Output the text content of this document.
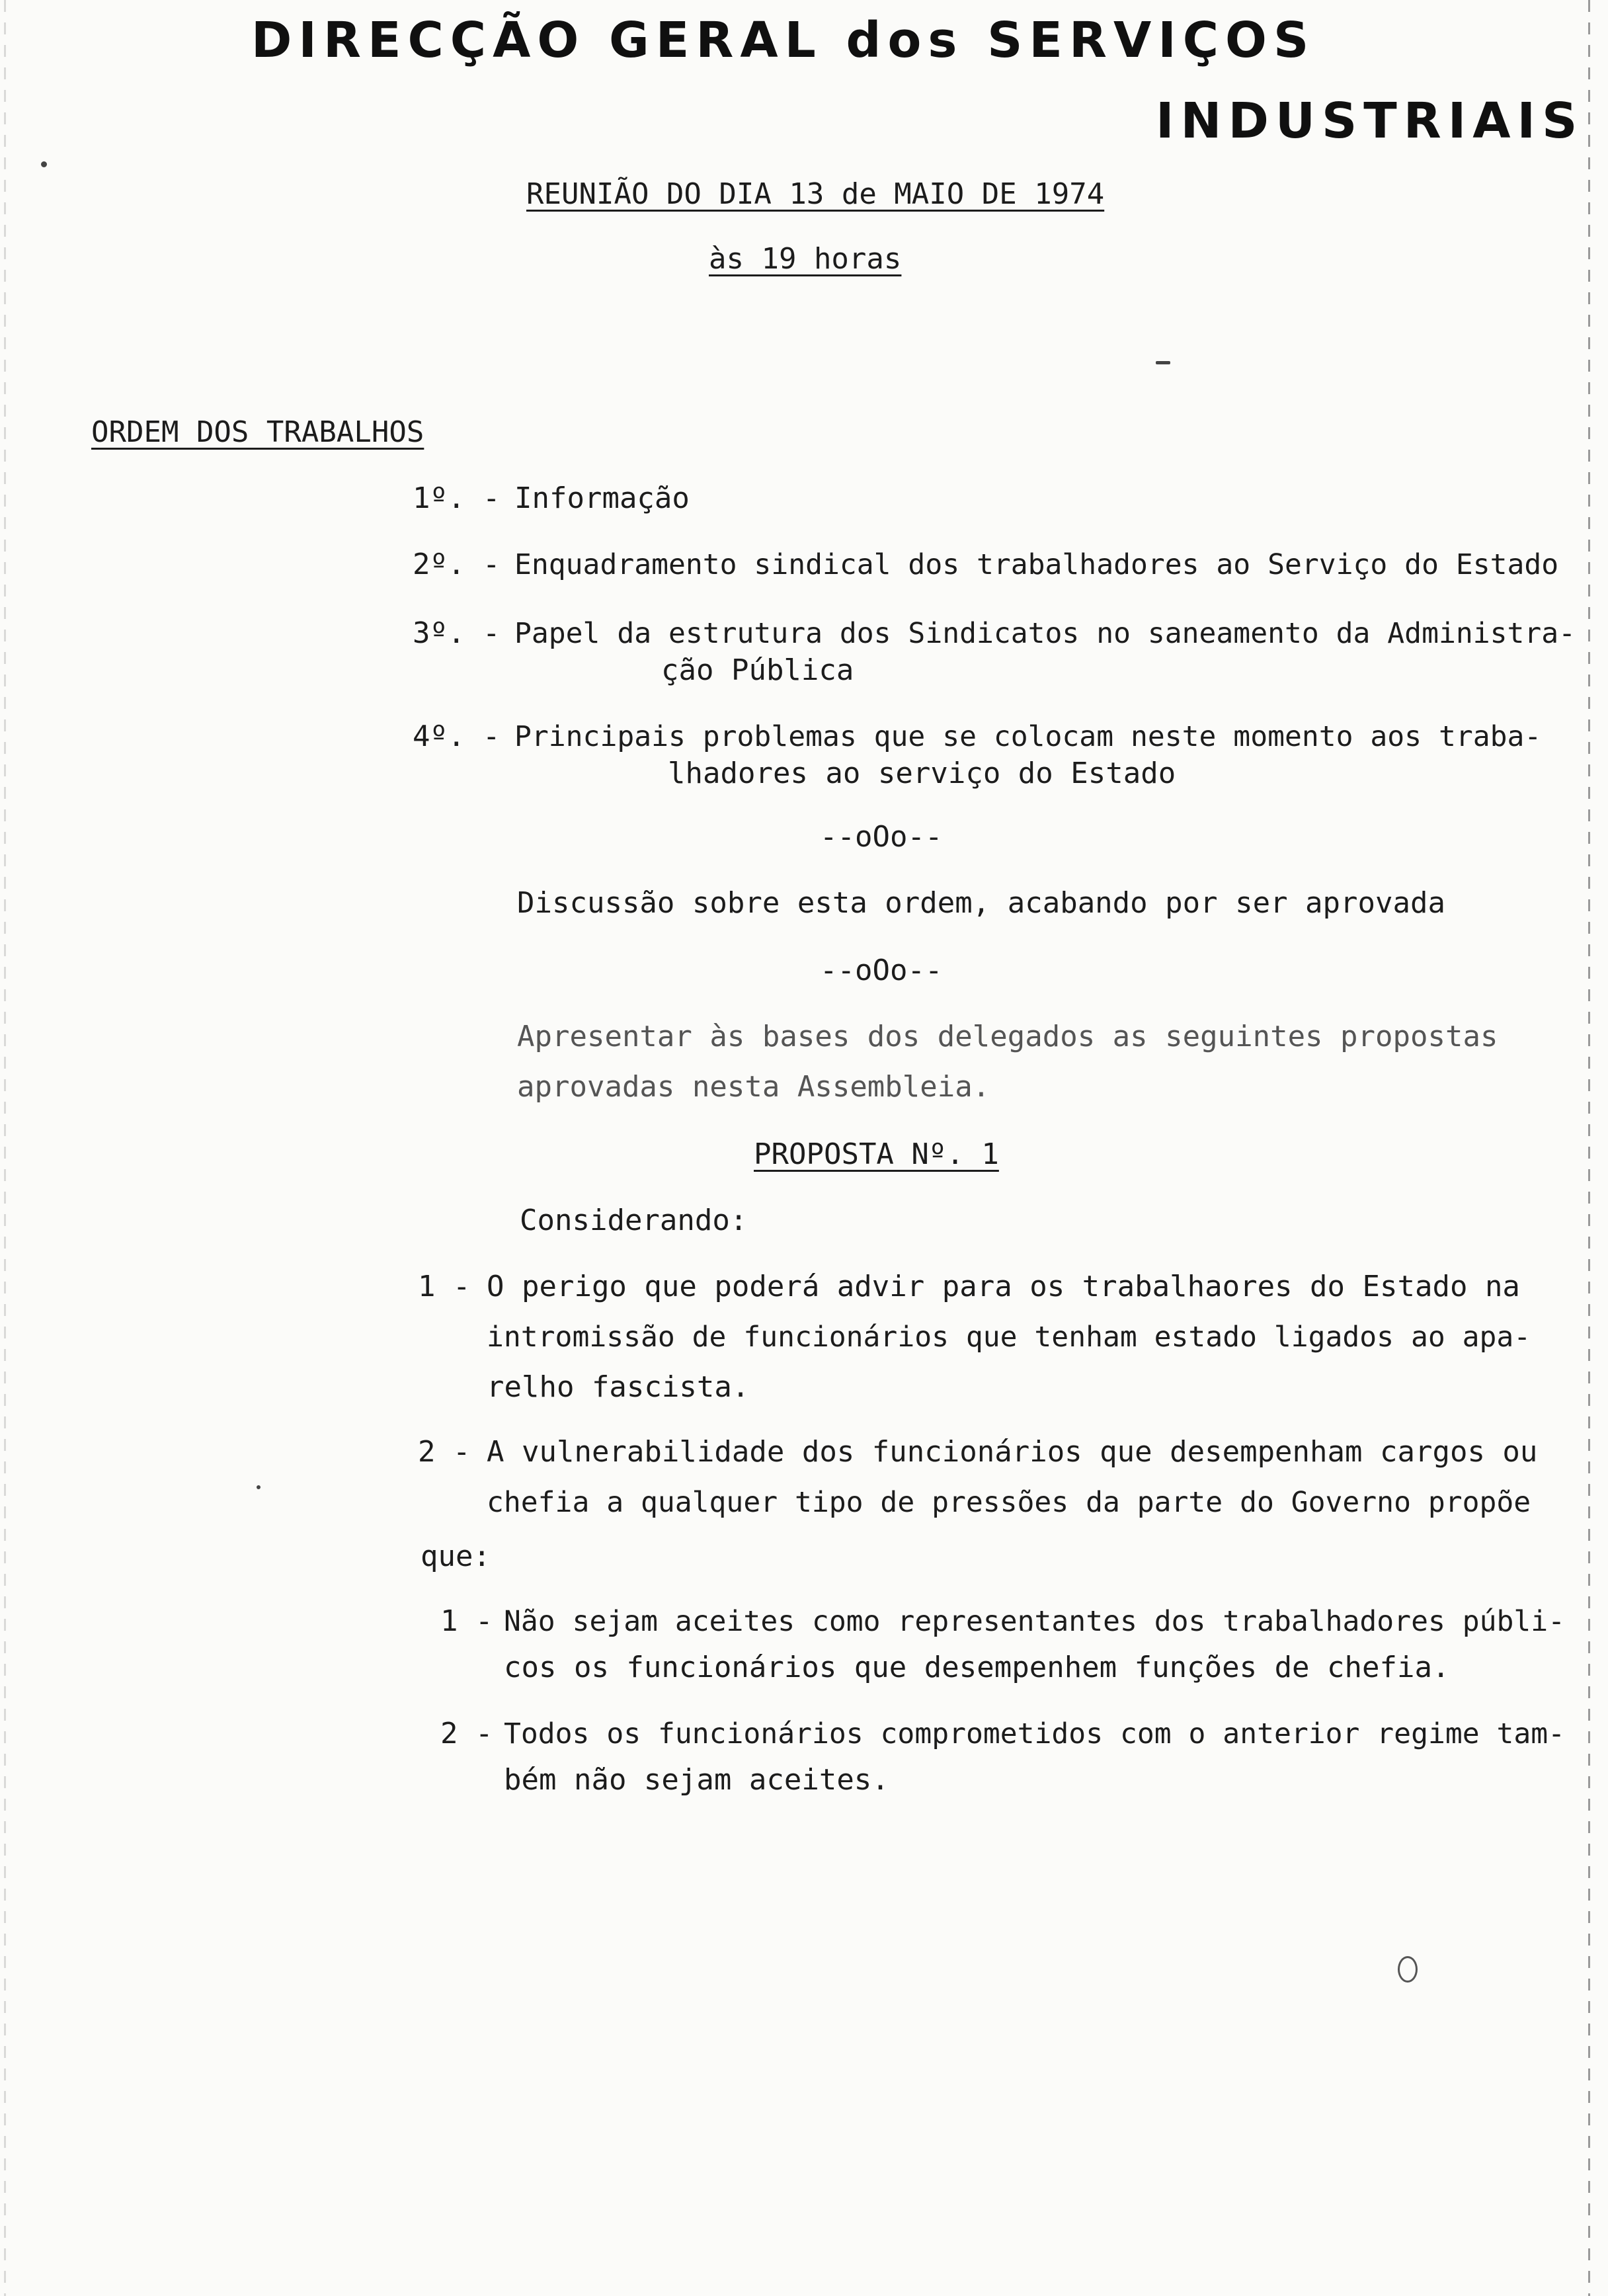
DIRECÇÃO GERAL dos SERVIÇOS
INDUSTRIAIS
REUNIÃO DO DIA 13 de MAIO DE 1974
às 19 horas
ORDEM DOS TRABALHOS
1º. - Informação
2º. - Enquadramento sindical dos trabalhadores ao Serviço do Estado
3º. - Papel da estrutura dos Sindicatos no saneamento da Administra-
ção Pública
4º. - Principais problemas que se colocam neste momento aos traba-
lhadores ao serviço do Estado
--oOo--
Discussão sobre esta ordem, acabando por ser aprovada
--oOo--
Apresentar às bases dos delegados as seguintes propostas
aprovadas nesta Assembleia.
PROPOSTA Nº. 1
Considerando:
1 - O perigo que poderá advir para os trabalhaores do Estado na
intromissão de funcionários que tenham estado ligados ao apa-
relho fascista.
2 - A vulnerabilidade dos funcionários que desempenham cargos ou
chefia a qualquer tipo de pressões da parte do Governo propõe
que:
1 - Não sejam aceites como representantes dos trabalhadores públi-
cos os funcionários que desempenhem funções de chefia.
2 - Todos os funcionários comprometidos com o anterior regime tam-
bém não sejam aceites.
